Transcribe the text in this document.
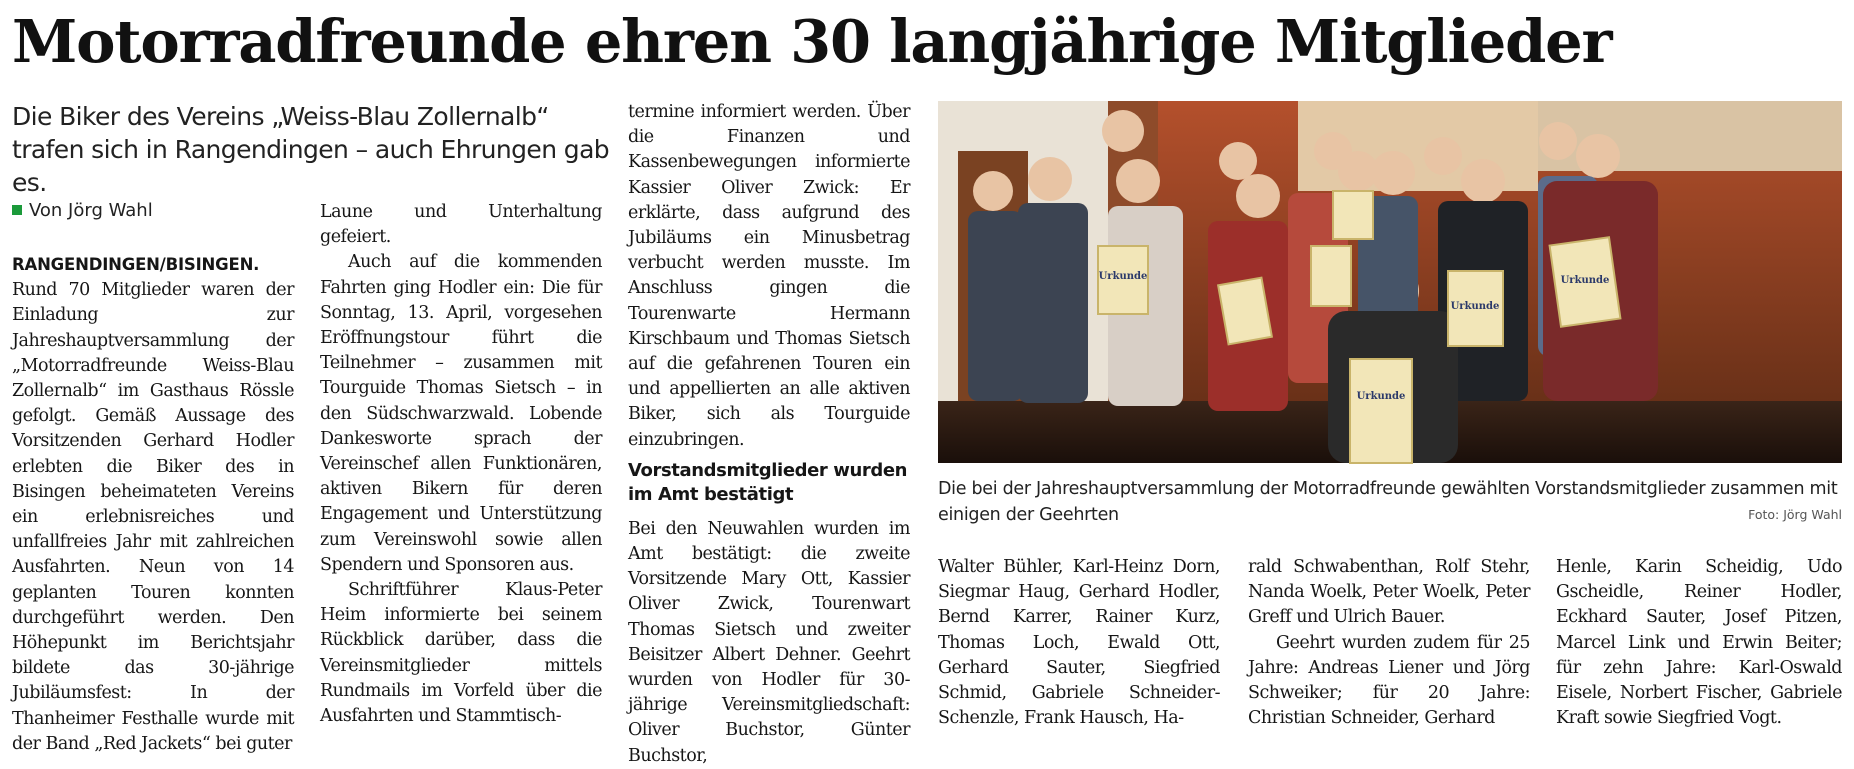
Motorradfreunde ehren 30 langjährige Mitglieder

Die Biker des Vereins „Weiss-Blau Zollernalb“ trafen sich in Rangendingen – auch Ehrungen gab es.

Von Jörg Wahl

RANGENDINGEN/BISINGEN.
Rund 70 Mitglieder waren der Einladung zur Jahreshauptversammlung der „Motorradfreunde Weiss-Blau Zollernalb“ im Gasthaus Rössle gefolgt. Gemäß Aussage des Vorsitzenden Gerhard Hodler erlebten die Biker des in Bisingen beheimateten Vereins ein erlebnisreiches und unfallfreies Jahr mit zahlreichen Ausfahrten. Neun von 14 geplanten Touren konnten durchgeführt werden. Den Höhepunkt im Berichtsjahr bildete das 30-jährige Jubiläumsfest: In der Thanheimer Festhalle wurde mit der Band „Red Jackets“ bei guter

Laune und Unterhaltung gefeiert.

Auch auf die kommenden Fahrten ging Hodler ein: Die für Sonntag, 13. April, vorgesehen Eröffnungstour führt die Teilnehmer – zusammen mit Tourguide Thomas Sietsch – in den Südschwarzwald. Lobende Dankesworte sprach der Vereinschef allen Funktionären, aktiven Bikern für deren Engagement und Unterstützung zum Vereinswohl sowie allen Spendern und Sponsoren aus.

Schriftführer Klaus-Peter Heim informierte bei seinem Rückblick darüber, dass die Vereinsmitglieder mittels Rundmails im Vorfeld über die Ausfahrten und Stammtisch-

termine informiert werden. Über die Finanzen und Kassenbewegungen informierte Kassier Oliver Zwick: Er erklärte, dass aufgrund des Jubiläums ein Minusbetrag verbucht werden musste. Im Anschluss gingen die Tourenwarte Hermann Kirschbaum und Thomas Sietsch auf die gefahrenen Touren ein und appellierten an alle aktiven Biker, sich als Tourguide einzubringen.

Vorstandsmitglieder wurden im Amt bestätigt

Bei den Neuwahlen wurden im Amt bestätigt: die zweite Vorsitzende Mary Ott, Kassier Oliver Zwick, Tourenwart Thomas Sietsch und zweiter Beisitzer Albert Dehner. Geehrt wurden von Hodler für 30-jährige Vereinsmitgliedschaft: Oliver Buchstor, Günter Buchstor,

Urkunde
Urkunde
Urkunde
Urkunde

Die bei der Jahreshauptversammlung der Motorradfreunde gewählten Vorstandsmitglieder zusammen mit einigen der Geehrten	Foto: Jörg Wahl

Walter Bühler, Karl-Heinz Dorn, Siegmar Haug, Gerhard Hodler, Bernd Karrer, Rainer Kurz, Thomas Loch, Ewald Ott, Gerhard Sauter, Siegfried Schmid, Gabriele Schneider-Schenzle, Frank Hausch, Ha-

rald Schwabenthan, Rolf Stehr, Nanda Woelk, Peter Woelk, Peter Greff und Ulrich Bauer.

Geehrt wurden zudem für 25 Jahre: Andreas Liener und Jörg Schweiker; für 20 Jahre: Christian Schneider, Gerhard

Henle, Karin Scheidig, Udo Gscheidle, Reiner Hodler, Eckhard Sauter, Josef Pitzen, Marcel Link und Erwin Beiter; für zehn Jahre: Karl-Oswald Eisele, Norbert Fischer, Gabriele Kraft sowie Siegfried Vogt.
